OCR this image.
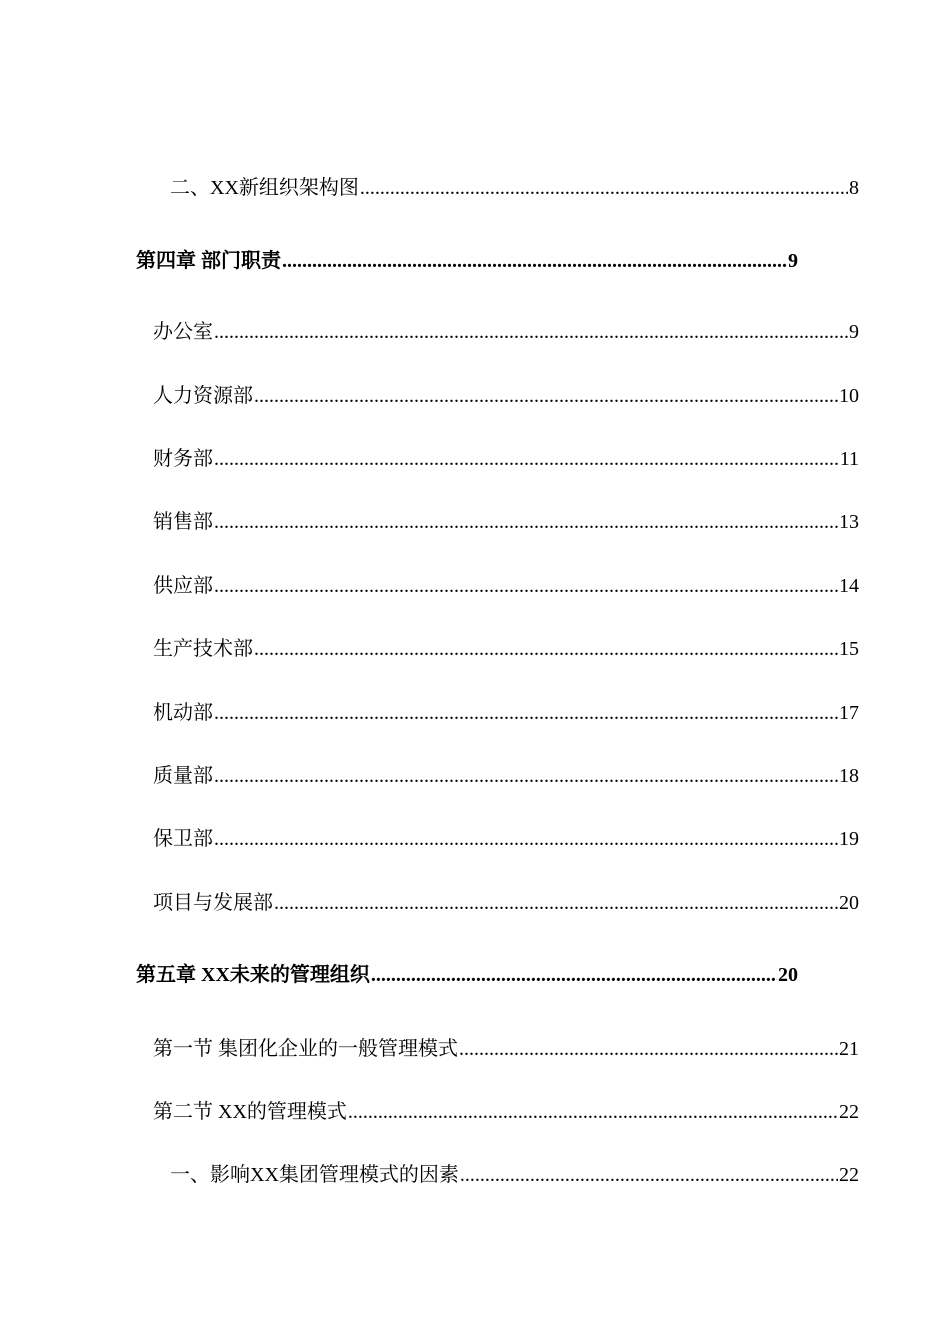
二、XX新组织架构图 .....	8
第四章 部门职责 .....	9
办公室 .....	9
人力资源部 .....	10
财务部 .....	11
销售部 .....	13
供应部 .....	14
生产技术部 .....	15
机动部 .....	17
质量部 .....	18
保卫部 .....	19
项目与发展部 .....	20
第五章 XX未来的管理组织 .....	20
第一节 集团化企业的一般管理模式 .....	21
第二节 XX的管理模式 .....	22
一、影响XX集团管理模式的因素 .....	22
